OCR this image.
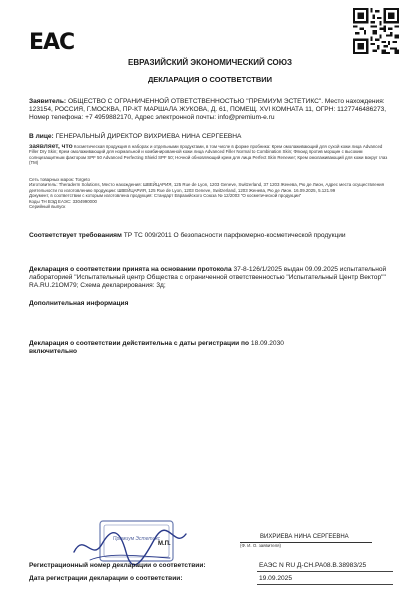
EAC
ЕВРАЗИЙСКИЙ ЭКОНОМИЧЕСКИЙ СОЮЗ
ДЕКЛАРАЦИЯ О СООТВЕТСТВИИ
Заявитель: ОБЩЕСТВО С ОГРАНИЧЕННОЙ ОТВЕТСТВЕННОСТЬЮ "ПРЕМИУМ ЭСТЕТИКС". Место нахождения: 123154, РОССИЯ, Г.МОСКВА, ПР-КТ МАРШАЛА ЖУКОВА, Д. 61, ПОМЕЩ. XVI КОМНАТА 11, ОГРН: 1127746486273, Номер телефона: +7 4959882170, Адрес электронной почты: info@premium-e.ru
В лице: ГЕНЕРАЛЬНЫЙ ДИРЕКТОР ВИХРИЕВА НИНА СЕРГЕЕВНА
заявляет, что Косметическая продукция в наборах и отдельными продуктами, в том числе в форме пробника: Крем омолаживающий для сухой кожи лица Advanced Filler Dry Skin; Крем омолаживающий для нормальной и комбинированной кожи лица Advanced Filler Normal to Combination Skin; Флюид против морщин с высоким солнцезащитным фактором SPF 50 Advanced Perfecting Shield SPF 50; Ночной обновляющий крем для лица Perfect Skin Renewer; Крем омолаживающий для кожи вокруг глаз (ТМ)
Сеть товарных марок: Torgeto
Изготовитель: Theraderm Solutions, Место нахождения: ШВЕЙЦАРИЯ, 125 Rue de Lyon, 1203 Geneve, Switzerland, 37 1203 Женева, Рю де Лион, Адрес места осуществления деятельности по изготовлению продукции: ШВЕЙЦАРИЯ, 125 Rue de Lyon, 1203 Geneve, Switzerland, 1203 Женева, Рю де Лион. 16.09.2025, 5.121.99
Документ, в соответствии с которым изготовлена продукция: Стандарт Евразийского Союза № 12/2003 "О косметической продукции"
Коды ТН ВЭД ЕАЭС: 3304990000
Серийный выпуск
Соответствует требованиям ТР ТС 009/2011 О безопасности парфюмерно-косметической продукции
Декларация о соответствии принята на основании протокола 37-8-126/1/2025 выдан 09.09.2025 испытательной лабораторией "Испытательный центр Общества с ограниченной ответственностью "Испытательный Центр Вектор"" RA.RU.21ОМ79; Схема декларирования: 3д;
Дополнительная информация
Декларация о соответствии действительна с даты регистрации по 18.09.2030
включительно
Премиум Эстетикс
М.П.
ВИХРИЕВА НИНА СЕРГЕЕВНА
(Ф. И. О. заявителя)
Регистрационный номер декларации о соответствии:	ЕАЭС N RU Д-CH.PA08.B.38983/25
Дата регистрации декларации о соответствии:	19.09.2025
